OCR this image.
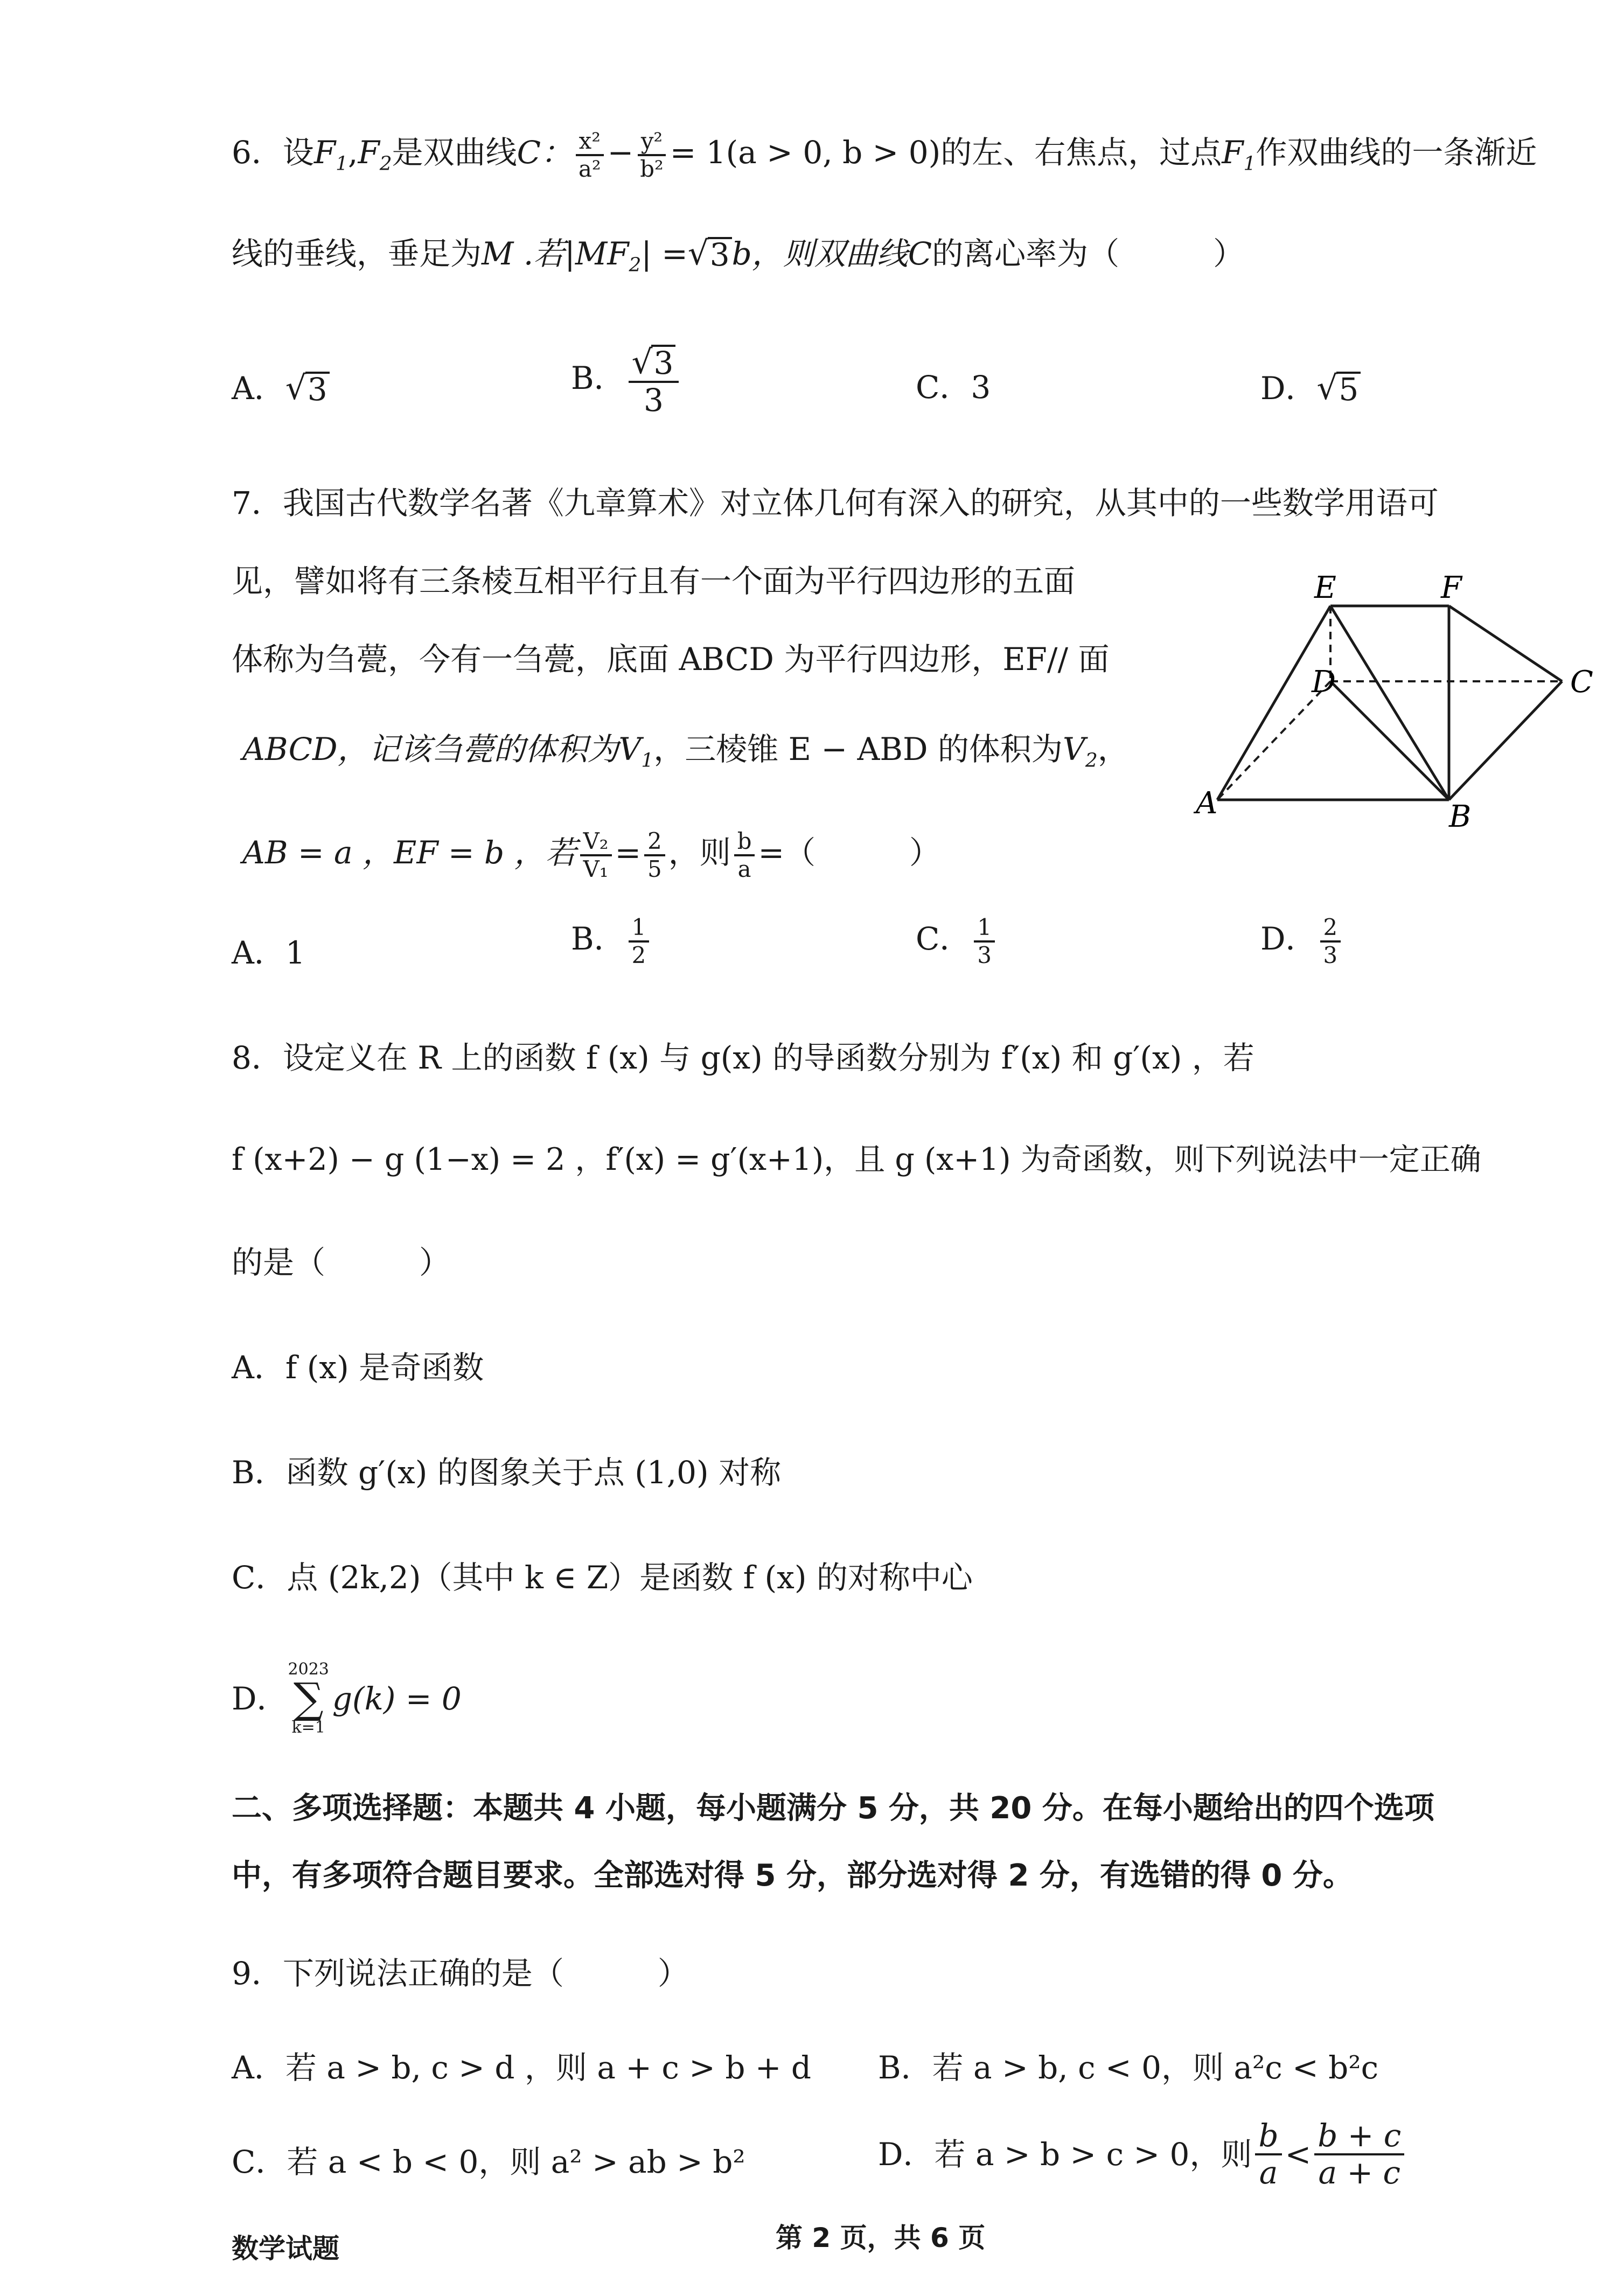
6．设$F_1,F_2$是双曲线C： $\frac{\text{x²}}{\text{a²}} - \frac{\text{y²}}{\text{b²}} = 1(a > 0$, b > 0)的左、右焦点，过点$F_1$作双曲线的一条渐近
线的垂线，垂足为M .若$|MF_2|$ = √ 3 b，则双曲线C的离心率为（　　　）
A． √ 3	B． $\frac{√ 3}{3}$	C．3	D． √ 5
7．我国古代数学名著《九章算术》对立体几何有深入的研究，从其中的一些数学用语可
见，譬如将有三条棱互相平行且有一个面为平行四边形的五面
体称为刍甍，今有一刍甍，底面 ABCD 为平行四边形，EF// 面
ABCD，记该刍甍的体积为$V_1$，三棱锥 E − ABD 的体积为$V_2$，
AB = a ，EF = b ，若 $\frac{\text{V₂}}{\text{V₁}} = \frac{2}{5}$ ，则 $\frac{b}{a}$ =（　　　）
E	F
D	C
A	B
A．1	B． $\frac{1}{2}$	C． $\frac{1}{3}$	D． $\frac{2}{3}$
8．设定义在 R 上的函数 f (x) 与 g(x) 的导函数分别为 f′(x) 和 g′(x) ，若
f (x+2) − g (1−x) = 2 ，f′(x) = g′(x+1)，且 g (x+1) 为奇函数，则下列说法中一定正确
的是（　　　）
A．f (x) 是奇函数
B．函数 g′(x) 的图象关于点 (1,0) 对称
C．点 (2k,2)（其中 k ∈ Z）是函数 f (x) 的对称中心
D．
2023
∑
k=1
g(k) = 0
二、多项选择题：本题共 4 小题，每小题满分 5 分，共 20 分。在每小题给出的四个选项
中，有多项符合题目要求。全部选对得 5 分，部分选对得 2 分，有选错的得 0 分。
9．下列说法正确的是（　　　）
A．若 a > b, c > d ，则 a + c > b + d B．若 a > b, c < 0，则 a²c < b²c
C．若 a < b < 0，则 a² > ab > b²	D．若 a > b > c > 0，则 $\frac{b}{a} < \frac{b + c}{a + c}$
数学试题	第 2 页，共 6 页
